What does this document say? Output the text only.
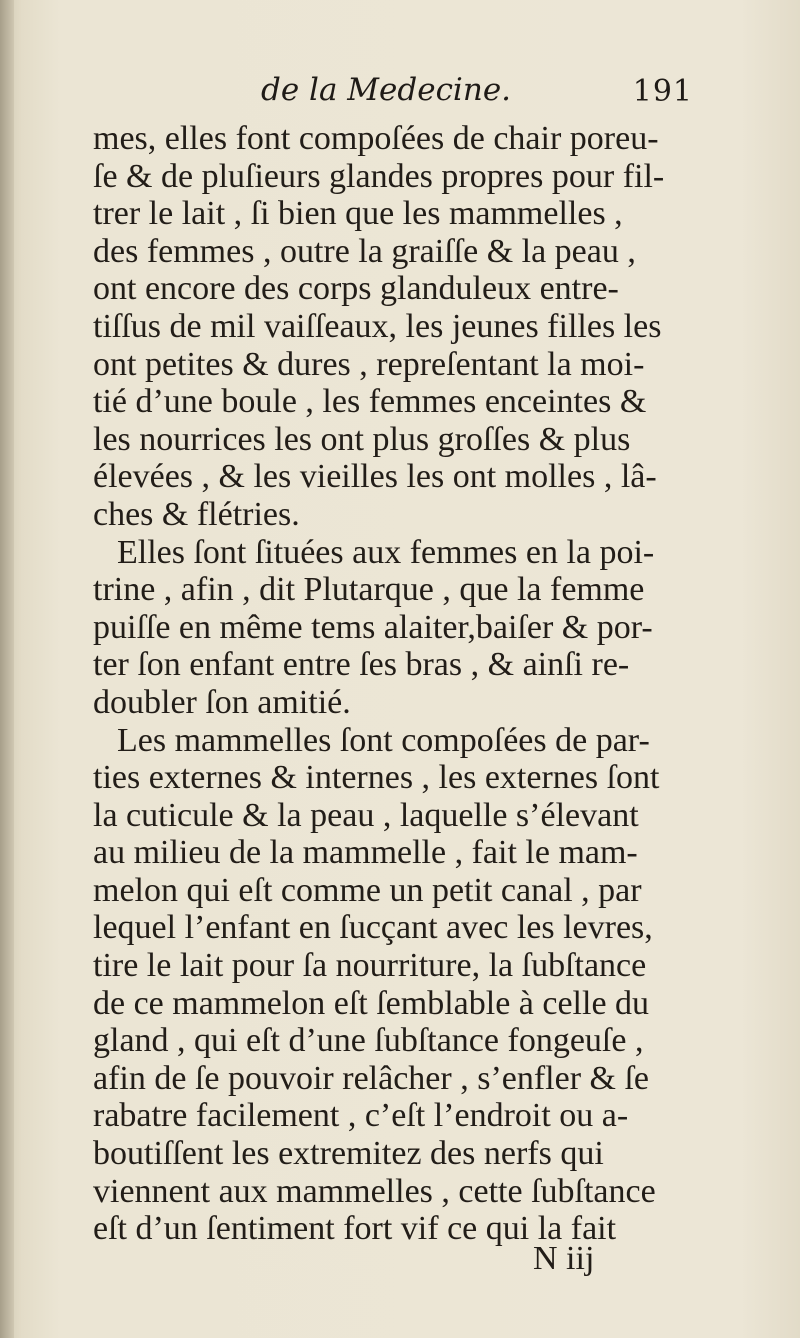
de la Medecine.	191
mes, elles font compoſées de chair poreu-
ſe & de pluſieurs glandes propres pour fil-
trer le lait , ſi bien que les mammelles ,
des femmes , outre la graiſſe & la peau ,
ont encore des corps glanduleux entre-
tiſſus de mil vaiſſeaux, les jeunes filles les
ont petites & dures , repreſentant la moi-
tié d’une boule , les femmes enceintes &
les nourrices les ont plus groſſes & plus
élevées , & les vieilles les ont molles , lâ-
ches & flétries.
Elles ſont ſituées aux femmes en la poi-
trine , afin , dit Plutarque , que la femme
puiſſe en même tems alaiter,baiſer & por-
ter ſon enfant entre ſes bras , & ainſi re-
doubler ſon amitié.
Les mammelles ſont compoſées de par-
ties externes & internes , les externes ſont
la cuticule & la peau , laquelle s’élevant
au milieu de la mammelle , fait le mam-
melon qui eſt comme un petit canal , par
lequel l’enfant en ſucçant avec les levres,
tire le lait pour ſa nourriture, la ſubſtance
de ce mammelon eſt ſemblable à celle du
gland , qui eſt d’une ſubſtance fongeuſe ,
afin de ſe pouvoir relâcher , s’enfler & ſe
rabatre facilement , c’eſt l’endroit ou a-
boutiſſent les extremitez des nerfs qui
viennent aux mammelles , cette ſubſtance
eſt d’un ſentiment fort vif ce qui la fait
N iij
